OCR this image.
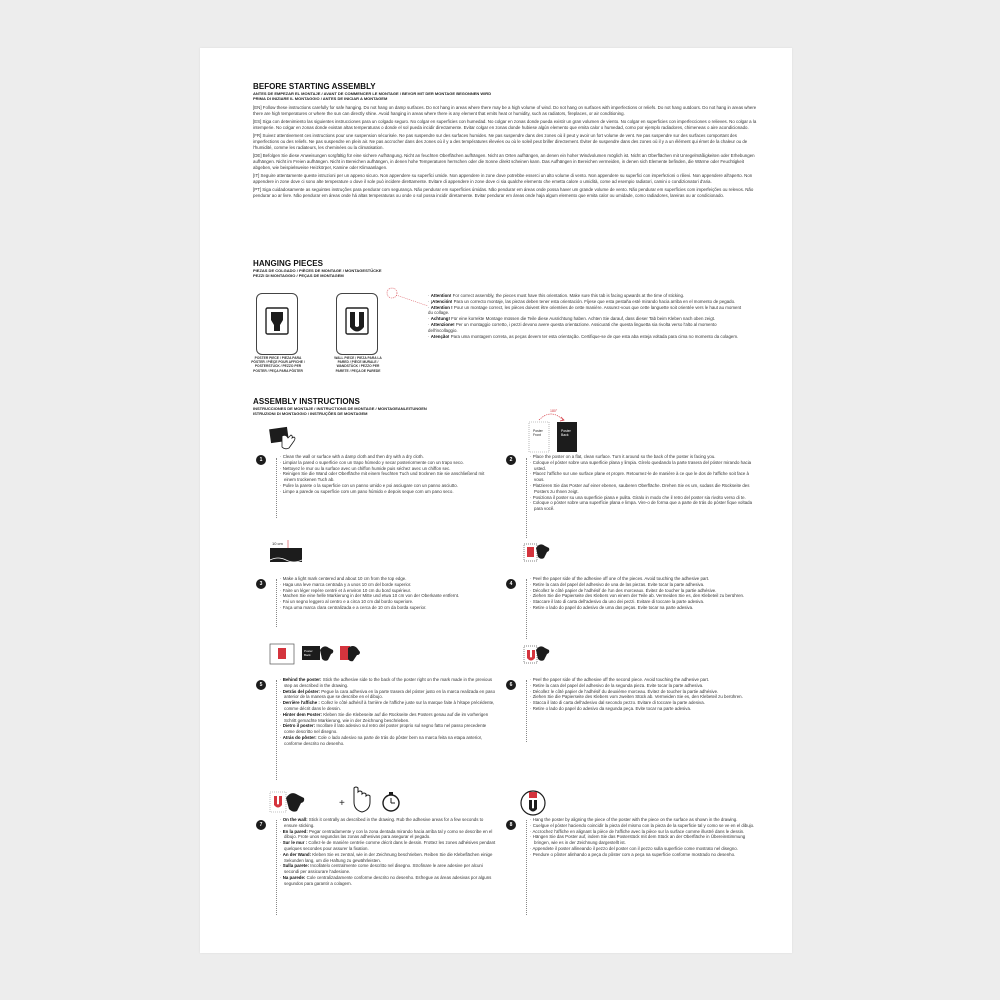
BEFORE STARTING ASSEMBLY
ANTES DE EMPEZAR EL MONTAJE / AVANT DE COMMENCER LE MONTAGE / BEVOR MIT DER MONTAGE BEGONNEN WIRD
PRIMA DI INIZIARE IL MONTAGGIO / ANTES DE INICIAR A MONTAGEM

[EN] Follow these instructions carefully for safe hanging. Do not hang on damp surfaces. Do not hang in areas where there may be a high volume of wind. Do not hang on surfaces with imperfections or reliefs. Do not hang outdoors. Do not hang in areas where there are high temperatures or where the sun can directly shine. Avoid hanging in areas where there is any element that emits heat or humidity, such as radiators, fireplaces, or air conditioning.

[ES] Siga con detenimiento las siguientes instrucciones para un colgado seguro. No colgar en superficies con humedad. No colgar en zonas donde pueda existir un gran volumen de viento. No colgar en superficies con imperfecciones o relieves. No colgar a la intemperie. No colgar en zonas donde existan altas temperaturas o donde el sol pueda incidir directamente. Evitar colgar en zonas donde hubiese algún elemento que emita calor o humedad, como por ejemplo radiadores, chimeneas o aire acondicionado.

[FR] Suivez attentivement ces instructions pour une suspension sécurisée. Ne pas suspendre sur des surfaces humides. Ne pas suspendre dans des zones où il peut y avoir un fort volume de vent. Ne pas suspendre sur des surfaces comportant des imperfections ou des reliefs. Ne pas suspendre en plein air. Ne pas accrocher dans des zones où il y a des températures élevées ou où le soleil peut briller directement. Éviter de suspendre dans des zones où il y a un élément qui émet de la chaleur ou de l'humidité, comme les radiateurs, les cheminées ou la climatisation.

[DE] Befolgen Sie diese Anweisungen sorgfältig für eine sichere Aufhängung. Nicht an feuchten Oberflächen aufhängen. Nicht an Orten aufhängen, an denen ein hoher Windvolumen möglich ist. Nicht an Oberflächen mit Unregelmäßigkeiten oder Erhebungen aufhängen. Nicht im Freien aufhängen. Nicht in Bereichen aufhängen, in denen hohe Temperaturen herrschen oder die Sonne direkt scheinen kann. Das Aufhängen in Bereichen vermeiden, in denen sich Elemente befinden, die Wärme oder Feuchtigkeit abgeben, wie beispielsweise Heizkörper, Kamine oder Klimaanlagen.

[IT] Seguire attentamente queste istruzioni per un appeso sicuro. Non appendere su superfici umide. Non appendere in zone dove potrebbe esserci un alto volume di vento. Non appendere su superfici con imperfezioni o rilievi. Non appendere all'aperto. Non appendere in zone dove ci sono alte temperature o dove il sole può incidere direttamente. Evitare di appendere in zone dove ci sia qualche elemento che emetta calore o umidità, come ad esempio radiatori, camini o condizionatori d'aria.

[PT] Siga cuidadosamente as seguintes instruções para pendurar com segurança. Não pendurar em superfícies úmidas. Não pendurar em áreas onde possa haver um grande volume de vento. Não pendurar em superfícies com imperfeições ou relevos. Não pendurar ao ar livre. Não pendurar em áreas onde há altas temperaturas ou onde o sol possa incidir diretamente. Evitar pendurar em áreas onde haja algum elemento que emita calor ou umidade, como radiadores, lareiras ou ar condicionado.

HANGING PIECES
PIEZAS DE COLGADO / PIÈCES DE MONTAGE / MONTAGESTÜCKE
PEZZI DI MONTAGGIO / PEÇAS DE MONTAGEM
POSTER PIECE / PIEZA PARA
PÓSTER / PIÈCE POUR AFFICHE /
POSTERSTÜCK / PEZZO PER
POSTER / PEÇA PARA PÔSTER
WALL PIECE / PIEZA PARA LA
PARED / PIÈCE MURALE /
WANDSTÜCK / PEZZO PER
PARETE / PEÇA DE PAREDE

· Attention! For correct assembly, the pieces must have this orientation. Make sure this tab is facing upwards at the time of sticking.

· ¡Atención! Para un correcto montaje, las piezas deben tener esta orientación. Fíjese que esta pestaña esté mirando hacia arriba en el momento de pegado.

· Attention ! Pour un montage correct, les pièces doivent être orientées de cette manière. Assurez-vous que cette languette soit orientée vers le haut au moment du collage.

· Achtung! Für eine korrekte Montage müssen die Teile diese Ausrichtung haben. Achten Sie darauf, dass dieser Tab beim Kleben nach oben zeigt.

· Attenzione! Per un montaggio corretto, i pezzi devono avere questa orientazione. Assicurati che questa linguetta sia rivolta verso l'alto al momento dell'incollaggio.

· Atenção! Para uma montagem correta, as peças devem ter esta orientação. Certifique-se de que esta aba esteja voltada para cima no momento da colagem.

ASSEMBLY INSTRUCTIONS
INSTRUCCIONES DE MONTAJE / INSTRUCTIONS DE MONTAGE / MONTAGEANLEITUNGEN
ISTRUZIONI DI MONTAGGIO / INSTRUÇÕES DE MONTAGEM
1

· Clean the wall or surface with a damp cloth and then dry with a dry cloth.

· Limpiar la pared o superficie con un trapo húmedo y secar posteriormente con un trapo seco.

· Nettoyez le mur ou la surface avec un chiffon humide puis séchez avec un chiffon sec.

· Reinigen Sie die Wand oder Oberfläche mit einem feuchten Tuch und trocknen Sie sie anschließend mit einem trockenen Tuch ab.

· Pulire la parete o la superficie con un panno umido e poi asciugare con un panno asciutto.

· Limpe a parede ou superfície com um pano húmido e depois seque com um pano seco.

180°
Poster
Front
Poster
Back
2

· Place the poster on a flat, clean surface. Turn it around so the back of the poster is facing you.

· Coloque el póster sobre una superficie plana y limpia. Gírelo quedando la parte trasera del póster mirando hacia usted.

· Placez l'affiche sur une surface plane et propre. Retournez-le de manière à ce que le dos de l'affiche soit face à vous.

· Platzieren Sie das Poster auf einer ebenen, sauberen Oberfläche. Drehen Sie es um, sodass die Rückseite des Posters zu Ihnen zeigt.

· Posiziona il poster su una superficie piana e pulita. Giralo in modo che il retro del poster sia rivolto verso di te.

· Coloque o póster sobre uma superfície plana e limpa. Vire-o de forma que a parte de trás do póster fique voltada para você.

10 cm
3

· Make a light mark centered and about 10 cm from the top edge.

· Haga una leve marca centrada y a unos 10 cm del borde superior.

· Faire un léger repère centré et à environ 10 cm du bord supérieur.

· Machen Sie eine helle Markierung in der Mitte und etwa 10 cm von der Oberkante entfernt.

· Fai un segno leggero al centro e a circa 10 cm dal bordo superiore.

· Faça uma marca clara centralizada e a cerca de 10 cm da borda superior.

4

· Peel the paper side of the adhesive off one of the pieces. Avoid touching the adhesive part.

· Retire la cara del papel del adhesivo de una de las piezas. Evite tocar la parte adhesiva.

· Décollez le côté papier de l'adhésif de l'un des morceaux. Évitez de toucher la partie adhésive.

· Ziehen Sie die Papierseite des Klebers von einem der Teile ab. Vermeiden Sie es, den Klebeteil zu berühren.

· Staccare il lato di carta dell'adesivo da uno dei pezzi. Evitare di toccare la parte adesiva.

· Retire o lado do papel do adesivo de uma das peças. Evite tocar na parte adesiva.

Poster
Back
5

· Behind the poster: Stick the adhesive side to the back of the poster right on the mark made in the previous step as described in the drawing.

· Detrás del póster: Pegue la cara adhesiva en la parte trasera del póster justo en la marca realizada en paso anterior de la manera que se describe en el dibujo.

· Derrière l'affiche : Collez le côté adhésif à l'arrière de l'affiche juste sur la marque faite à l'étape précédente, comme décrit dans le dessin.

· Hinter dem Poster: Kleben Sie die Klebeseite auf die Rückseite des Posters genau auf die im vorherigen Schritt gemachte Markierung, wie in der Zeichnung beschrieben.

· Dietro il poster: Incollare il lato adesivo sul retro del poster proprio sul segno fatto nel passo precedente come descritto nel disegno.

· Atrás do pôster: Cole o lado adesivo na parte de trás do pôster bem na marca feita na etapa anterior, conforme descrito no desenho.

6

· Peel the paper side of the adhesive off the second piece. Avoid touching the adhesive part.

· Retire la cara del papel del adhesivo de la segunda pieza. Evite tocar la parte adhesiva.

· Décollez le côté papier de l'adhésif du deuxième morceau. Évitez de toucher la partie adhésive.

· Ziehen Sie die Papierseite des Klebers vom zweiten Stück ab. Vermeiden Sie es, den Klebeteil zu berühren.

· Stacca il lato di carta dell'adesivo dal secondo pezzo. Evitare di toccare la parte adesiva.

· Retire o lado do papel do adesivo da segunda peça. Evite tocar na parte adesiva.

+
7

· On the wall: Stick it centrally as described in the drawing. Rub the adhesive areas for a few seconds to ensure sticking.

· En la pared: Pegar centradamente y con la zona dentada mirando hacia arriba tal y como se describe en el dibujo. Frote unos segundos las zonas adhesivas para asegurar el pegado.

· Sur le mur : Collez-le de manière centrée comme décrit dans le dessin. Frottez les zones adhésives pendant quelques secondes pour assurer la fixation.

· An der Wand: Kleben Sie es zentral, wie in der Zeichnung beschrieben. Reiben Sie die Klebeflächen einige Sekunden lang, um die Haftung zu gewährleisten.

· Sulla parete: Incollatelo centralmente come descritto nel disegno. Strofinare le aree adesive per alcuni secondi per assicurare l'adesione.

· Na parede: Cole centralizadamente conforme descrito no desenho. Esfregue as áreas adesivas por alguns segundos para garantir a colagem.

8

· Hang the poster by aligning the piece of the poster with the piece on the surface as shown in the drawing.

· Cuelgue el póster haciendo coincidir la pieza del mismo con la pieza de la superficie tal y como se ve en el dibujo.

· Accrochez l'affiche en alignant la pièce de l'affiche avec la pièce sur la surface comme illustré dans le dessin.

· Hängen Sie das Poster auf, indem Sie das Posterstück mit dem Stück an der Oberfläche in Übereinstimmung bringen, wie es in der Zeichnung dargestellt ist.

· Appendete il poster allineando il pezzo del poster con il pezzo sulla superficie come mostrato nel disegno.

· Pendure o pôster alinhando a peça do pôster com a peça na superfície conforme mostrado no desenho.
